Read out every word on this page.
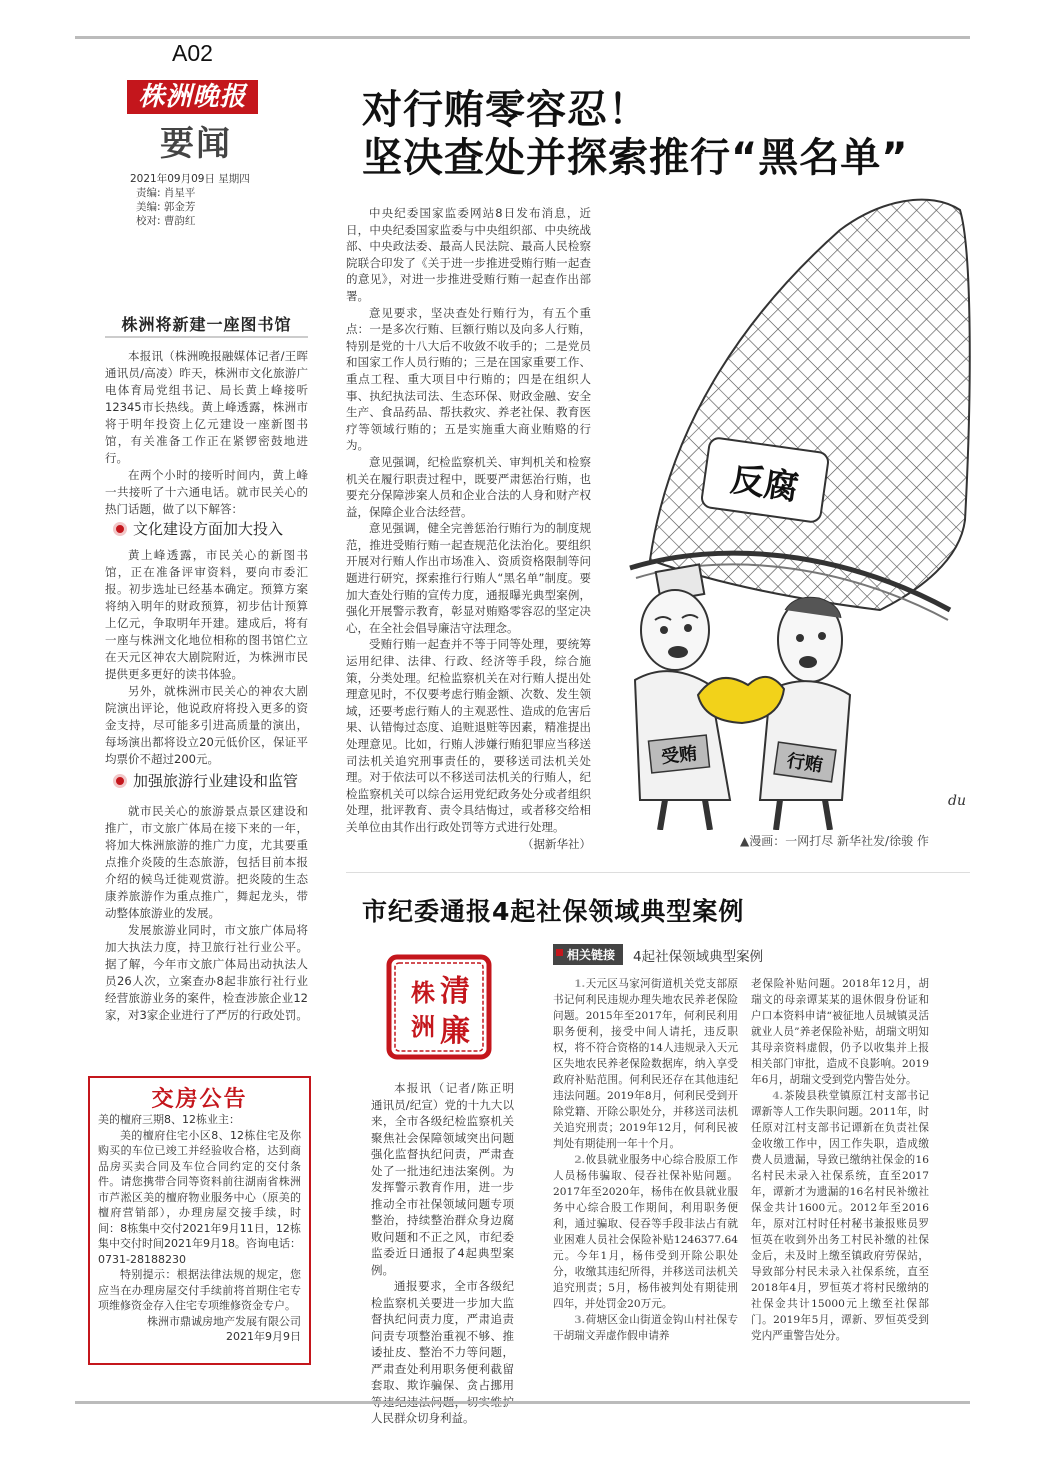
A02
株洲晚报
要闻
2021年09月09日 星期四
责编: 肖星平
美编: 郭金芳
校对: 曹韵红
对行贿零容忍！
坚决查处并探索推行“黑名单”
株洲将新建一座图书馆

本报讯（株洲晚报融媒体记者/王晖 通讯员/高凌）昨天，株洲市文化旅游广电体育局党组书记、局长黄上峰接听12345市长热线。黄上峰透露，株洲市将于明年投资上亿元建设一座新图书馆，有关准备工作正在紧锣密鼓地进行。

在两个小时的接听时间内，黄上峰一共接听了十六通电话。就市民关心的热门话题，做了以下解答：

文化建设方面加大投入

黄上峰透露，市民关心的新图书馆，正在准备评审资料，要向市委汇报。初步选址已经基本确定。预算方案将纳入明年的财政预算，初步估计预算上亿元，争取明年开建。建成后，将有一座与株洲文化地位相称的图书馆伫立在天元区神农大剧院附近，为株洲市民提供更多更好的读书体验。

另外，就株洲市民关心的神农大剧院演出评论，他说政府将投入更多的资金支持，尽可能多引进高质量的演出，每场演出都将设立20元低价区，保证平均票价不超过200元。

加强旅游行业建设和监管

就市民关心的旅游景点景区建设和推广，市文旅广体局在接下来的一年，将加大株洲旅游的推广力度，尤其要重点推介炎陵的生态旅游，包括目前本报介绍的候鸟迁徙观赏游。把炎陵的生态康养旅游作为重点推广，舞起龙头，带动整体旅游业的发展。

发展旅游业同时，市文旅广体局将加大执法力度，持卫旅行社行业公平。据了解，今年市文旅广体局出动执法人员26人次，立案查办8起非旅行社行业经营旅游业务的案件，检查涉旅企业12家，对3家企业进行了严厉的行政处罚。

交房公告

美的檀府三期8、12栋业主：

美的檀府住宅小区8、12栋住宅及你购买的车位已竣工并经验收合格，达到商品房买卖合同及车位合同约定的交付条件。请您携带合同等资料前往湖南省株洲市芦淞区美的檀府物业服务中心（原美的檀府营销部），办理房屋交接手续，时间：8栋集中交付2021年9月11日，12栋集中交付时间2021年9月18。咨询电话：0731-28188230

特别提示：根据法律法规的规定，您应当在办理房屋交付手续前将首期住宅专项维修资金存入住宅专项维修资金专户。

株洲市鼎诚房地产发展有限公司

2021年9月9日

中央纪委国家监委网站8日发布消息，近日，中央纪委国家监委与中央组织部、中央统战部、中央政法委、最高人民法院、最高人民检察院联合印发了《关于进一步推进受贿行贿一起查的意见》，对进一步推进受贿行贿一起查作出部署。

意见要求，坚决查处行贿行为，有五个重点：一是多次行贿、巨额行贿以及向多人行贿，特别是党的十八大后不收敛不收手的；二是党员和国家工作人员行贿的；三是在国家重要工作、重点工程、重大项目中行贿的；四是在组织人事、执纪执法司法、生态环保、财政金融、安全生产、食品药品、帮扶救灾、养老社保、教育医疗等领域行贿的；五是实施重大商业贿赂的行为。

意见强调，纪检监察机关、审判机关和检察机关在履行职责过程中，既要严肃惩治行贿，也要充分保障涉案人员和企业合法的人身和财产权益，保障企业合法经营。

意见强调，健全完善惩治行贿行为的制度规范，推进受贿行贿一起查规范化法治化。要组织开展对行贿人作出市场准入、资质资格限制等问题进行研究，探索推行行贿人“黑名单”制度。要加大查处行贿的宣传力度，通报曝光典型案例，强化开展警示教育，彰显对贿赂零容忍的坚定决心，在全社会倡导廉洁守法理念。

受贿行贿一起查并不等于同等处理，要统筹运用纪律、法律、行政、经济等手段，综合施策，分类处理。纪检监察机关在对行贿人提出处理意见时，不仅要考虑行贿金额、次数、发生领域，还要考虑行贿人的主观恶性、造成的危害后果、认错悔过态度、追赃退赃等因素，精准提出处理意见。比如，行贿人涉嫌行贿犯罪应当移送司法机关追究刑事责任的，要移送司法机关处理。对于依法可以不移送司法机关的行贿人，纪检监察机关可以综合运用党纪政务处分或者组织处理，批评教育、责令具结悔过，或者移交给相关单位由其作出行政处罚等方式进行处理。

（据新华社）

反腐
受贿	行贿
du
▲漫画：一网打尽 新华社发/徐骏 作
市纪委通报4起社保领域典型案例
清
廉
株
洲

本报讯（记者/陈正明 通讯员/纪宣）党的十九大以来，全市各级纪检监察机关聚焦社会保障领域突出问题强化监督执纪问责，严肃查处了一批违纪违法案例。为发挥警示教育作用，进一步推动全市社保领域问题专项整治，持续整治群众身边腐败问题和不正之风，市纪委监委近日通报了4起典型案例。

通报要求，全市各级纪检监察机关要进一步加大监督执纪问责力度，严肃追责问责专项整治重视不够、推诿扯皮、整治不力等问题，严肃查处利用职务便利截留套取、欺诈骗保、贪占挪用 人民群众切身利益。

相关链接	4起社保领域典型案例

1.天元区马家河街道机关党支部原书记何利民违规办理失地农民养老保险问题。2015年至2017年，何利民利用职务便利，接受中间人请托，违反职权，将不符合资格的14人违规录入天元区失地农民养老保险数据库，纳入享受政府补贴范围。何利民还存在其他违纪违法问题。2019年8月，何利民受到开除党籍、开除公职处分，并移送司法机关追究刑责；2019年12月，何利民被判处有期徒刑一年十个月。

2.攸县就业服务中心综合股原工作人员杨伟骗取、侵吞社保补贴问题。2017年至2020年，杨伟在攸县就业服务中心综合股工作期间，利用职务便利，通过骗取、侵吞等手段非法占有就业困难人员社会保险补贴1246377.64元。今年1月，杨伟受到开除公职处分，收缴其违纪所得，并移送司法机关追究刑责；5月，杨伟被判处有期徒刑四年，并处罚金20万元。

3.荷塘区金山街道金钩山村社保专干胡瑞文弄虚作假申请养

老保险补贴问题。2018年12月，胡瑞文的母亲谭某某的退休假身份证和户口本资料申请“被征地人员城镇灵活就业人员”养老保险补贴，胡瑞文明知其母亲资料虚假，仍予以收集并上报相关部门审批，造成不良影响。2019年6月，胡瑞文受到党内警告处分。

4.茶陵县秩堂镇原江村支部书记谭新等人工作失职问题。2011年，时任原对江村支部书记谭新在负责社保金收缴工作中，因工作失职，造成缴费人员遗漏，导致已缴纳社保金的16名村民未录入社保系统，直至2017年，谭新才为遗漏的16名村民补缴社保金共计1600元。2012年至2016年，原对江村时任村秘书兼报账员罗恒英在收到外出务工村民补缴的社保金后，未及时上缴至镇政府劳保站，导致部分村民未录入社保系统，直至2018年4月，罗恒英才将村民缴纳的社保金共计15000元上缴至社保部门。2019年5月，谭新、罗恒英受到党内严重警告处分。
